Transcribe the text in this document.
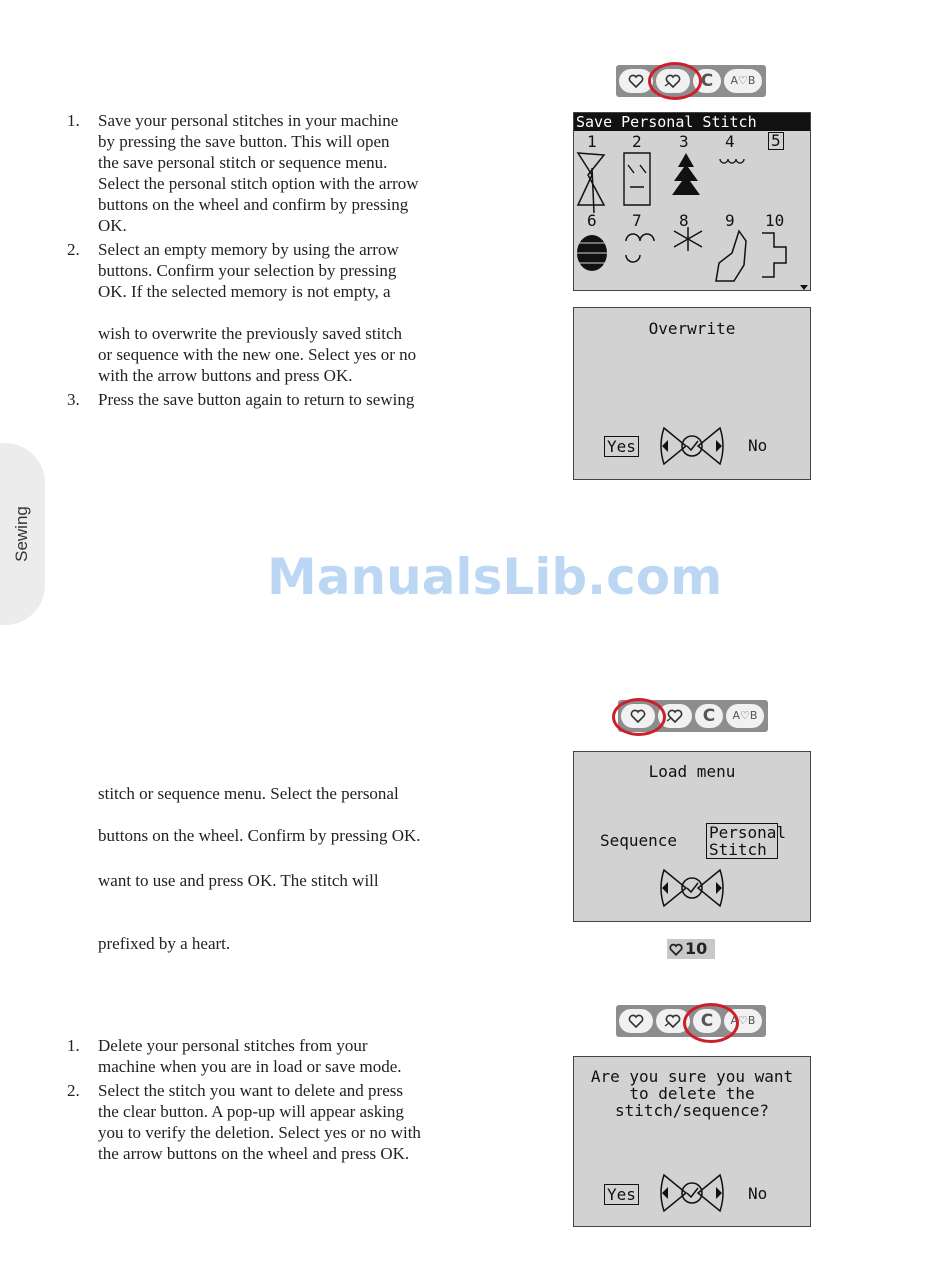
Sewing
ManualsLib.com
1.	Save your personal stitches in your machine
by pressing the save button. This will open
the save personal stitch or sequence menu.
Select the personal stitch option with the arrow
buttons on the wheel and confirm by pressing
OK.
2.	Select an empty memory by using the arrow
buttons. Confirm your selection by pressing
OK. If the selected memory is not empty, a
wish to overwrite the previously saved stitch
or sequence with the new one. Select yes or no
with the arrow buttons and press OK.
3.	Press the save button again to return to sewing
stitch or sequence menu. Select the personal
buttons on the wheel. Confirm by pressing OK.
want to use and press OK. The stitch will
prefixed by a heart.
1.	Delete your personal stitches from your
machine when you are in load or save mode.
2.	Select the stitch you want to delete and press
the clear button. A pop-up will appear asking
you to verify the deletion. Select yes or no with
the arrow buttons on the wheel and press OK.
C	A♡B
Save Personal Stitch
1 2 3 4 5
6 7 8 9 10
Overwrite
Yes	No
C	A♡B
Load menu
Sequence Personal
Stitch
10
C	A♡B
Are you sure you want
to delete the
stitch/sequence?
Yes	No
